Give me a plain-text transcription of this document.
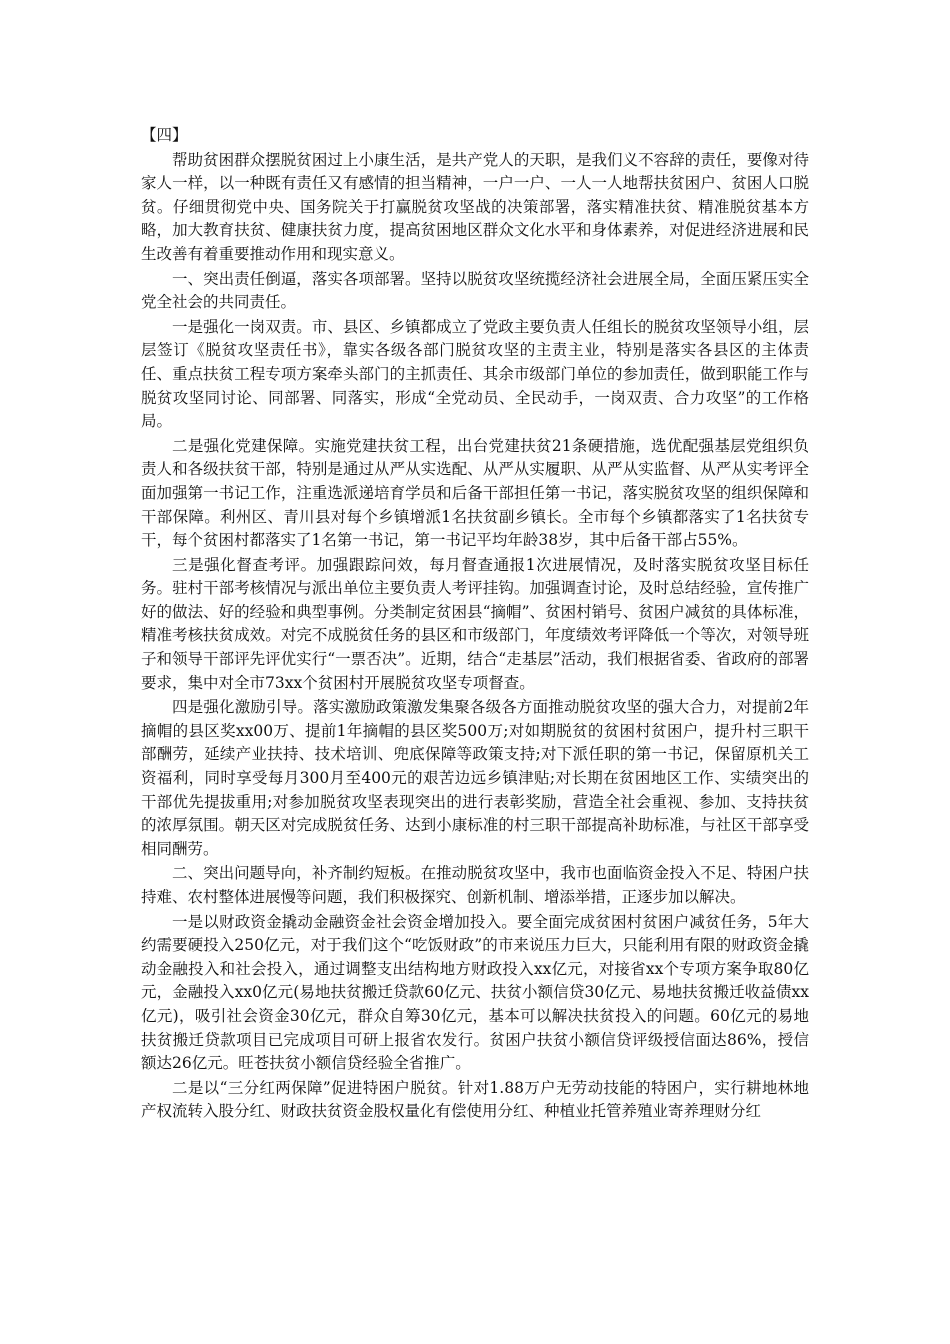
【四】

帮助贫困群众摆脱贫困过上小康生活，是共产党人的天职，是我们义不容辞的责任，要像对待家人一样，以一种既有责任又有感情的担当精神，一户一户、一人一人地帮扶贫困户、贫困人口脱贫。仔细贯彻党中央、国务院关于打赢脱贫攻坚战的决策部署，落实精准扶贫、精准脱贫基本方略，加大教育扶贫、健康扶贫力度，提高贫困地区群众文化水平和身体素养，对促进经济进展和民生改善有着重要推动作用和现实意义。

一、突出责任倒逼，落实各项部署。坚持以脱贫攻坚统揽经济社会进展全局，全面压紧压实全党全社会的共同责任。

一是强化一岗双责。市、县区、乡镇都成立了党政主要负责人任组长的脱贫攻坚领导小组，层层签订《脱贫攻坚责任书》，靠实各级各部门脱贫攻坚的主责主业，特别是落实各县区的主体责任、重点扶贫工程专项方案牵头部门的主抓责任、其余市级部门单位的参加责任，做到职能工作与脱贫攻坚同讨论、同部署、同落实，形成“全党动员、全民动手，一岗双责、合力攻坚”的工作格局。

二是强化党建保障。实施党建扶贫工程，出台党建扶贫21条硬措施，选优配强基层党组织负责人和各级扶贫干部，特别是通过从严从实选配、从严从实履职、从严从实监督、从严从实考评全面加强第一书记工作，注重选派递培育学员和后备干部担任第一书记，落实脱贫攻坚的组织保障和干部保障。利州区、青川县对每个乡镇增派1名扶贫副乡镇长。全市每个乡镇都落实了1名扶贫专干，每个贫困村都落实了1名第一书记，第一书记平均年龄38岁，其中后备干部占55%。

三是强化督查考评。加强跟踪问效，每月督查通报1次进展情况，及时落实脱贫攻坚目标任务。驻村干部考核情况与派出单位主要负责人考评挂钩。加强调查讨论，及时总结经验，宣传推广好的做法、好的经验和典型事例。分类制定贫困县“摘帽”、贫困村销号、贫困户减贫的具体标准，精准考核扶贫成效。对完不成脱贫任务的县区和市级部门，年度绩效考评降低一个等次，对领导班子和领导干部评先评优实行“一票否决”。近期，结合“走基层”活动，我们根据省委、省政府的部署要求，集中对全市73xx个贫困村开展脱贫攻坚专项督查。

四是强化激励引导。落实激励政策激发集聚各级各方面推动脱贫攻坚的强大合力，对提前2年摘帽的县区奖xx00万、提前1年摘帽的县区奖500万;对如期脱贫的贫困村贫困户，提升村三职干部酬劳，延续产业扶持、技术培训、兜底保障等政策支持;对下派任职的第一书记，保留原机关工资福利，同时享受每月300月至400元的艰苦边远乡镇津贴;对长期在贫困地区工作、实绩突出的干部优先提拔重用;对参加脱贫攻坚表现突出的进行表彰奖励，营造全社会重视、参加、支持扶贫的浓厚氛围。朝天区对完成脱贫任务、达到小康标准的村三职干部提高补助标准，与社区干部享受相同酬劳。

二、突出问题导向，补齐制约短板。在推动脱贫攻坚中，我市也面临资金投入不足、特困户扶持难、农村整体进展慢等问题，我们积极探究、创新机制、增添举措，正逐步加以解决。

一是以财政资金撬动金融资金社会资金增加投入。要全面完成贫困村贫困户减贫任务，5年大约需要硬投入250亿元，对于我们这个“吃饭财政”的市来说压力巨大，只能利用有限的财政资金撬动金融投入和社会投入，通过调整支出结构地方财政投入xx亿元，对接省xx个专项方案争取80亿元，金融投入xx0亿元(易地扶贫搬迁贷款60亿元、扶贫小额信贷30亿元、易地扶贫搬迁收益债xx亿元)，吸引社会资金30亿元，群众自筹30亿元，基本可以解决扶贫投入的问题。60亿元的易地扶贫搬迁贷款项目已完成项目可研上报省农发行。贫困户扶贫小额信贷评级授信面达86%，授信额达26亿元。旺苍扶贫小额信贷经验全省推广。

二是以“三分红两保障”促进特困户脱贫。针对1.88万户无劳动技能的特困户，实行耕地林地产权流转入股分红、财政扶贫资金股权量化有偿使用分红、种植业托管养殖业寄养理财分红
